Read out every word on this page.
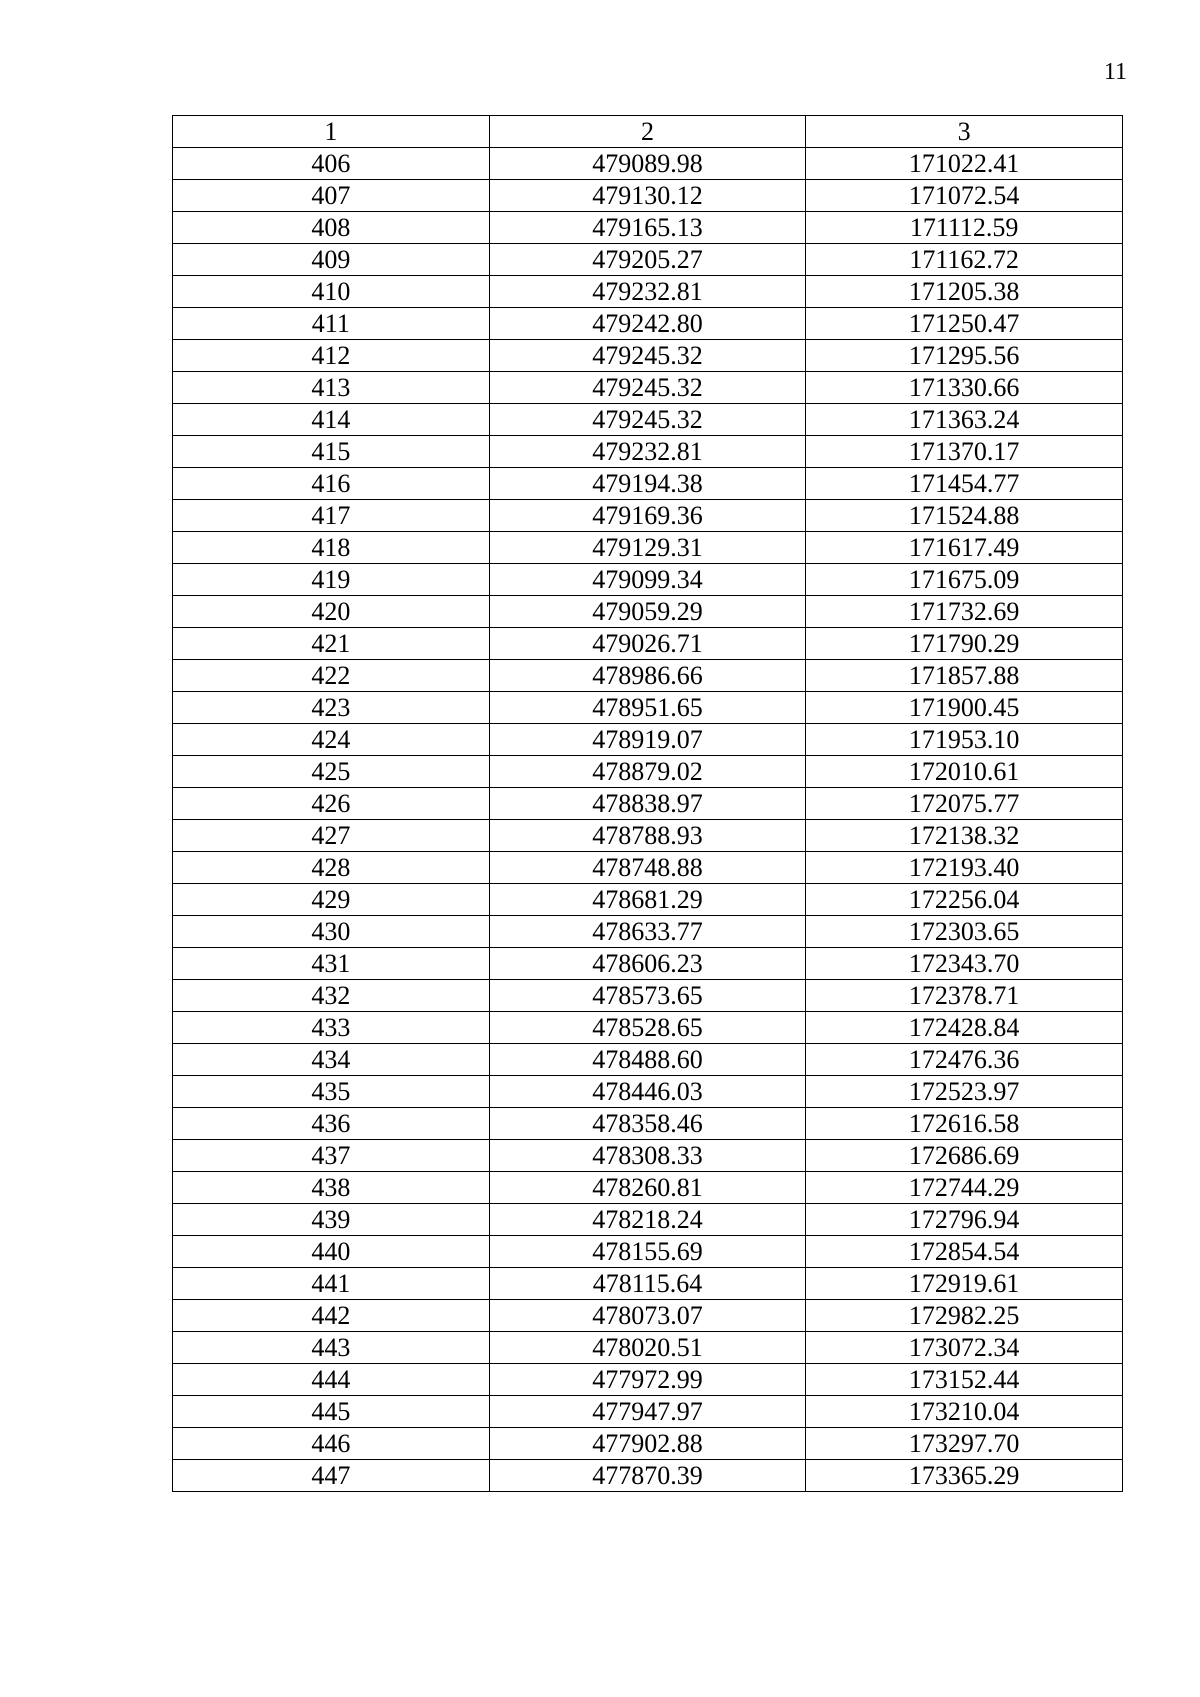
11
1	2	3
406	479089.98	171022.41
407	479130.12	171072.54
408	479165.13	171112.59
409	479205.27	171162.72
410	479232.81	171205.38
411	479242.80	171250.47
412	479245.32	171295.56
413	479245.32	171330.66
414	479245.32	171363.24
415	479232.81	171370.17
416	479194.38	171454.77
417	479169.36	171524.88
418	479129.31	171617.49
419	479099.34	171675.09
420	479059.29	171732.69
421	479026.71	171790.29
422	478986.66	171857.88
423	478951.65	171900.45
424	478919.07	171953.10
425	478879.02	172010.61
426	478838.97	172075.77
427	478788.93	172138.32
428	478748.88	172193.40
429	478681.29	172256.04
430	478633.77	172303.65
431	478606.23	172343.70
432	478573.65	172378.71
433	478528.65	172428.84
434	478488.60	172476.36
435	478446.03	172523.97
436	478358.46	172616.58
437	478308.33	172686.69
438	478260.81	172744.29
439	478218.24	172796.94
440	478155.69	172854.54
441	478115.64	172919.61
442	478073.07	172982.25
443	478020.51	173072.34
444	477972.99	173152.44
445	477947.97	173210.04
446	477902.88	173297.70
447	477870.39	173365.29
